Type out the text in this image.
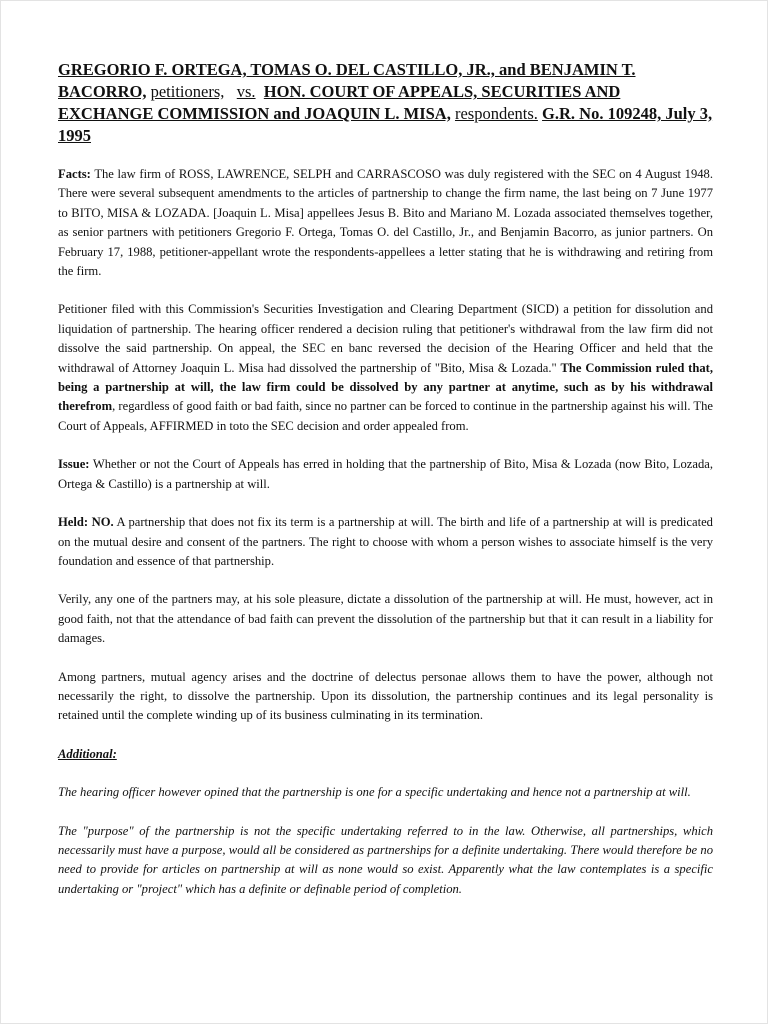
GREGORIO F. ORTEGA, TOMAS O. DEL CASTILLO, JR., and BENJAMIN T. BACORRO, petitioners, vs. HON. COURT OF APPEALS, SECURITIES AND EXCHANGE COMMISSION and JOAQUIN L. MISA, respondents. G.R. No. 109248, July 3, 1995

Facts: The law firm of ROSS, LAWRENCE, SELPH and CARRASCOSO was duly registered with the SEC on 4 August 1948. There were several subsequent amendments to the articles of partnership to change the firm name, the last being on 7 June 1977 to BITO, MISA & LOZADA. [Joaquin L. Misa] appellees Jesus B. Bito and Mariano M. Lozada associated themselves together, as senior partners with petitioners Gregorio F. Ortega, Tomas O. del Castillo, Jr., and Benjamin Bacorro, as junior partners. On February 17, 1988, petitioner-appellant wrote the respondents-appellees a letter stating that he is withdrawing and retiring from the firm.

Petitioner filed with this Commission's Securities Investigation and Clearing Department (SICD) a petition for dissolution and liquidation of partnership. The hearing officer rendered a decision ruling that petitioner's withdrawal from the law firm did not dissolve the said partnership. On appeal, the SEC en banc reversed the decision of the Hearing Officer and held that the withdrawal of Attorney Joaquin L. Misa had dissolved the partnership of "Bito, Misa & Lozada." The Commission ruled that, being a partnership at will, the law firm could be dissolved by any partner at anytime, such as by his withdrawal therefrom, regardless of good faith or bad faith, since no partner can be forced to continue in the partnership against his will. The Court of Appeals, AFFIRMED in toto the SEC decision and order appealed from.

Issue: Whether or not the Court of Appeals has erred in holding that the partnership of Bito, Misa & Lozada (now Bito, Lozada, Ortega & Castillo) is a partnership at will.

Held: NO. A partnership that does not fix its term is a partnership at will. The birth and life of a partnership at will is predicated on the mutual desire and consent of the partners. The right to choose with whom a person wishes to associate himself is the very foundation and essence of that partnership.

Verily, any one of the partners may, at his sole pleasure, dictate a dissolution of the partnership at will. He must, however, act in good faith, not that the attendance of bad faith can prevent the dissolution of the partnership but that it can result in a liability for damages.

Among partners, mutual agency arises and the doctrine of delectus personae allows them to have the power, although not necessarily the right, to dissolve the partnership. Upon its dissolution, the partnership continues and its legal personality is retained until the complete winding up of its business culminating in its termination.

Additional:

The hearing officer however opined that the partnership is one for a specific undertaking and hence not a partnership at will.

The "purpose" of the partnership is not the specific undertaking referred to in the law. Otherwise, all partnerships, which necessarily must have a purpose, would all be considered as partnerships for a definite undertaking. There would therefore be no need to provide for articles on partnership at will as none would so exist. Apparently what the law contemplates is a specific undertaking or "project" which has a definite or definable period of completion.
